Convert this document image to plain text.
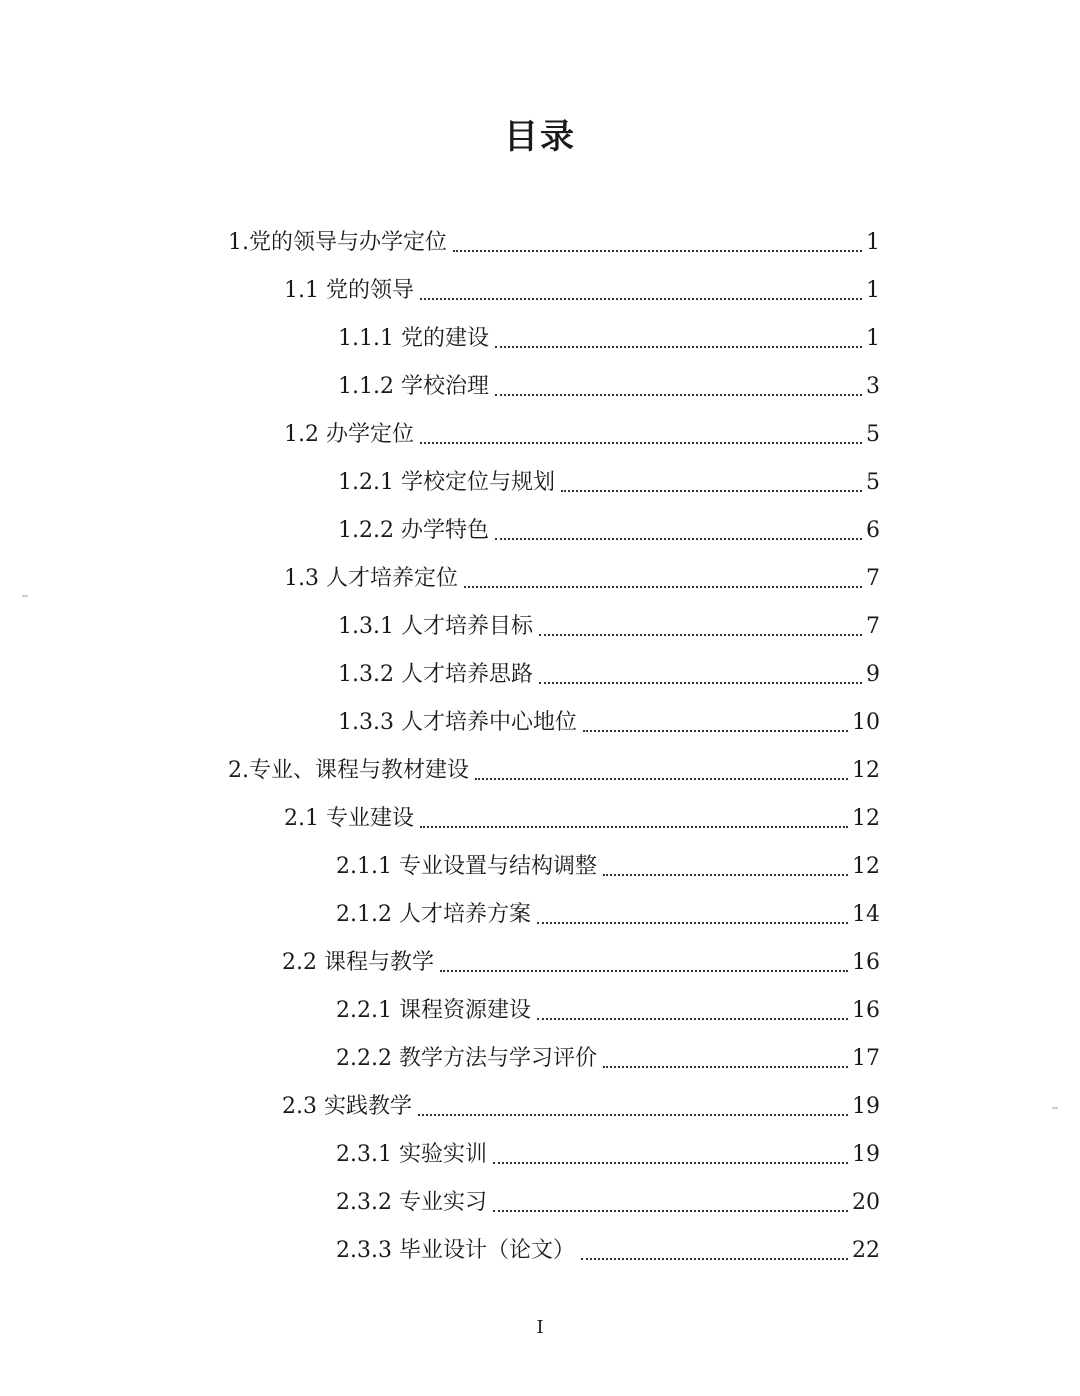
目录
1.党的领导与办学定位	1
1.1 党的领导	1
1.1.1 党的建设	1
1.1.2 学校治理	3
1.2 办学定位	5
1.2.1 学校定位与规划	5
1.2.2 办学特色	6
1.3 人才培养定位	7
1.3.1 人才培养目标	7
1.3.2 人才培养思路	9
1.3.3 人才培养中心地位	10
2.专业、课程与教材建设	12
2.1 专业建设	12
2.1.1 专业设置与结构调整	12
2.1.2 人才培养方案	14
2.2 课程与教学	16
2.2.1 课程资源建设	16
2.2.2 教学方法与学习评价	17
2.3 实践教学	19
2.3.1 实验实训	19
2.3.2 专业实习	20
2.3.3 毕业设计（论文）	22
I
